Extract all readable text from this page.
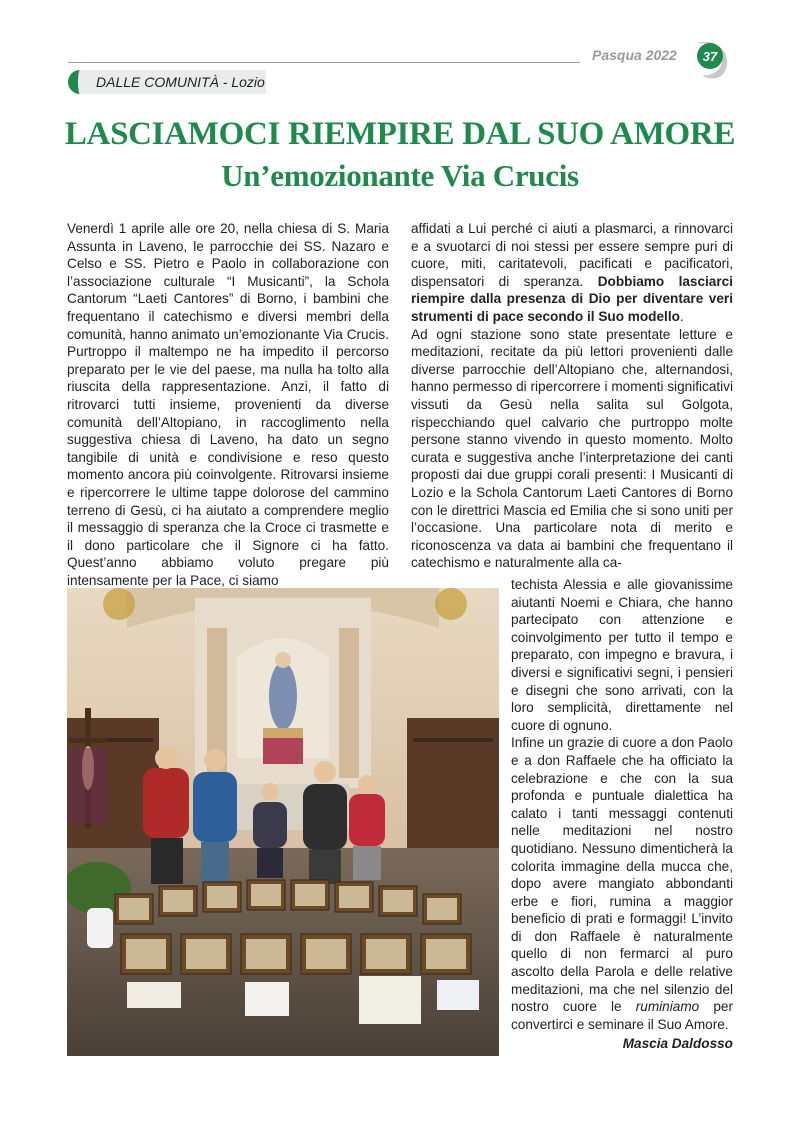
Pasqua 2022	37
DALLE COMUNITÀ - Lozio
LASCIAMOCI RIEMPIRE DAL SUO AMORE
Un’emozionante Via Crucis

Venerdì 1 aprile alle ore 20, nella chiesa di S. Maria Assunta in Laveno, le parrocchie dei SS. Nazaro e Celso e SS. Pietro e Paolo in collaborazione con l’associazione culturale “I Musicanti”, la Schola Cantorum “Laeti Cantores” di Borno, i bambini che frequentano il catechismo e diversi membri della comunità, hanno animato un’emozionante Via Crucis. Purtroppo il maltempo ne ha impedito il percorso preparato per le vie del paese, ma nulla ha tolto alla riuscita della rappresentazione. Anzi, il fatto di ritrovarci tutti insieme, provenienti da diverse comunità dell’Altopiano, in raccoglimento nella suggestiva chiesa di Laveno, ha dato un segno tangibile di unità e condivisione e reso questo momento ancora più coinvolgente. Ritrovarsi insieme e ripercorrere le ultime tappe dolorose del cammino terreno di Gesù, ci ha aiutato a comprendere meglio il messaggio di speranza che la Croce ci trasmette e il dono particolare che il Signore ci ha fatto. Quest’anno abbiamo voluto pregare più intensamente per la Pace, ci siamo

affidati a Lui perché ci aiuti a plasmarci, a rinnovarci e a svuotarci di noi stessi per essere sempre puri di cuore, miti, caritatevoli, pacificati e pacificatori, dispensatori di speranza. Dobbiamo lasciarci riempire dalla presenza di Dio per diventare veri strumenti di pace secondo il Suo modello.

Ad ogni stazione sono state presentate letture e meditazioni, recitate da più lettori provenienti dalle diverse parrocchie dell’Altopiano che, alternandosi, hanno permesso di ripercorrere i momenti significativi vissuti da Gesù nella salita sul Golgota, rispecchiando quel calvario che purtroppo molte persone stanno vivendo in questo momento. Molto curata e suggestiva anche l’interpretazione dei canti proposti dai due gruppi corali presenti: I Musicanti di Lozio e la Schola Cantorum Laeti Cantores di Borno con le direttrici Mascia ed Emilia che si sono uniti per l’occasione. Una particolare nota di merito e riconoscenza va data ai bambini che frequentano il catechismo e naturalmente alla ca-

techista Alessia e alle giovanissime aiutanti Noemi e Chiara, che hanno partecipato con attenzione e coinvolgimento per tutto il tempo e preparato, con impegno e bravura, i diversi e significativi segni, i pensieri e disegni che sono arrivati, con la loro semplicità, direttamente nel cuore di ognuno.

Infine un grazie di cuore a don Paolo e a don Raffaele che ha officiato la celebrazione e che con la sua profonda e puntuale dialettica ha calato i tanti messaggi contenuti nelle meditazioni nel nostro quotidiano. Nessuno dimenticherà la colorita immagine della mucca che, dopo avere mangiato abbondanti erbe e fiori, rumina a maggior beneficio di prati e formaggi! L’invito di don Raffaele è naturalmente quello di non fermarci al puro ascolto della Parola e delle relative meditazioni, ma che nel silenzio del nostro cuore le ruminiamo per convertirci e seminare il Suo Amore.

Mascia Daldosso
